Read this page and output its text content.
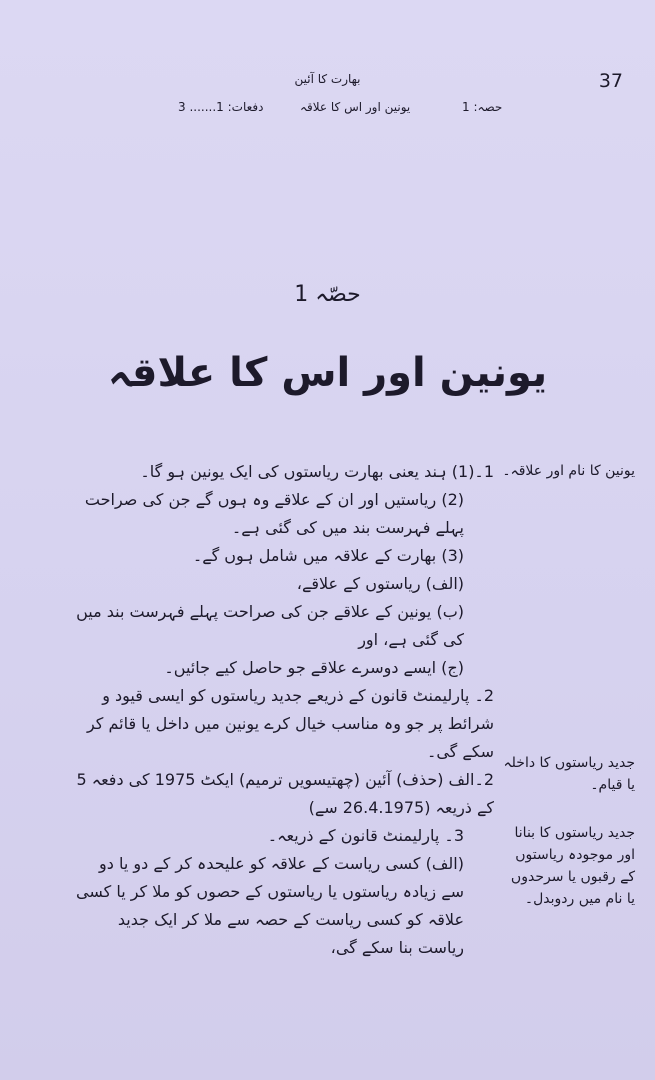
37
بھارت کا آئین
دفعات: 1....... 3	یونین اور اس کا علاقہ	حصہ: 1
حصّہ 1
یونین اور اس کا علاقہ
یونین کا نام اور علاقہ۔
جدید ریاستوں کا داخلہ یا قیام۔
جدید ریاستوں کا بنانا اور موجودہ ریاستوں کے رقبوں یا سرحدوں یا نام میں ردوبدل۔

1۔(1) ہند یعنی بھارت ریاستوں کی ایک یونین ہو گا۔

(2) ریاستیں اور ان کے علاقے وہ ہوں گے جن کی صراحت پہلے فہرست بند میں کی گئی ہے۔

(3) بھارت کے علاقہ میں شامل ہوں گے۔

(الف) ریاستوں کے علاقے،

(ب) یونین کے علاقے جن کی صراحت پہلے فہرست بند میں کی گئی ہے، اور

(ج) ایسے دوسرے علاقے جو حاصل کیے جائیں۔

2۔ پارلیمنٹ قانون کے ذریعے جدید ریاستوں کو ایسی قیود و شرائط پر جو وہ مناسب خیال کرے یونین میں داخل یا قائم کر سکے گی۔

2۔الف (حذف) آئین (چھتیسویں ترمیم) ایکٹ 1975 کی دفعہ 5 کے ذریعہ (26.4.1975 سے)

3۔ پارلیمنٹ قانون کے ذریعہ۔

(الف) کسی ریاست کے علاقہ کو علیحدہ کر کے دو یا دو سے زیادہ ریاستوں یا ریاستوں کے حصوں کو ملا کر یا کسی علاقہ کو کسی ریاست کے حصہ سے ملا کر ایک جدید ریاست بنا سکے گی،
